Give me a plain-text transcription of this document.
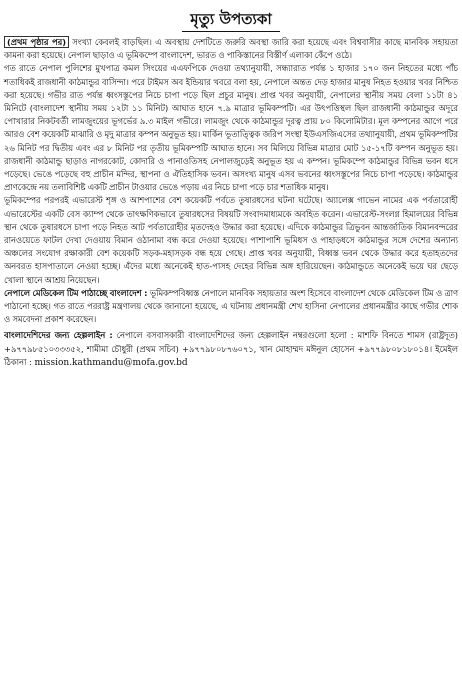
মৃত্যু উপত্যকা

(প্রথম পৃষ্ঠার পর) সংখ্যা কেবলই বাড়ছিল। এ অবস্থায় দেশটিতে জরুরি অবস্থা জারি করা হয়েছে এবং বিশ্ববাসীর কাছে মানবিক সহায়তা কামনা করা হয়েছে। নেপাল ছাড়াও এ ভূমিকম্পে বাংলাদেশ, ভারত ও পাকিস্তানের বিস্তীর্ণ এলাকা কেঁপে ওঠে।

গত রাতে নেপাল পুলিশের মুখপাত্র কমল সিংয়ের এএফপিকে দেওয়া তথ্যানুযায়ী, সন্ধ্যারাত পর্যন্ত ১ হাজার ১৭০ জন নিহতের মধ্যে পাঁচ শতাধিকই রাজধানী কাঠমান্ডুর বাসিন্দা। পরে টাইমস অব ইন্ডিয়ার খবরে বলা হয়, নেপালে অন্তত দেড় হাজার মানুষ নিহত হওয়ার খবর নিশ্চিত করা হয়েছে। গভীর রাত পর্যন্ত ধ্বংসস্তূপের নিচে চাপা পড়ে ছিল প্রচুর মানুষ। প্রাপ্ত খবর অনুযায়ী, নেপালের স্থানীয় সময় বেলা ১১টা ৪১ মিনিটে (বাংলাদেশ স্থানীয় সময় ১২টা ১১ মিনিট) আঘাত হানে ৭.৯ মাত্রার ভূমিকম্পটি। এর উৎপত্তিস্থল ছিল রাজধানী কাঠমান্ডুর অদূরে পোখারার নিকটবর্তী লামজুংয়ের ভূগর্ভের ৯.৩ মাইল গভীরে। লামজুং থেকে কাঠমান্ডুর দূরত্ব প্রায় ৮০ কিলোমিটার। মূল কম্পনের আগে পরে আরও বেশ কয়েকটি মাঝারি ও মৃদু মাত্রার কম্পন অনুভূত হয়। মার্কিন ভূতাত্ত্বিক জরিপ সংস্থা ইউএসজিএসের তথ্যানুযায়ী, প্রথম ভূমিকম্পটির ২৬ মিনিট পর দ্বিতীয় এবং এর ৮ মিনিট পর তৃতীয় ভূমিকম্পটি আঘাত হানে। সব মিলিয়ে বিভিন্ন মাত্রার মোট ১৫-১৭টি কম্পন অনুভূত হয়। রাজধানী কাঠমান্ডু ছাড়াও নাগরকোট, কোদারি ও পানাওতিসহ নেপালজুড়েই অনুভূত হয় এ কম্পন। ভূমিকম্পে কাঠমান্ডুর বিভিন্ন ভবন ধসে পড়েছে। ভেঙে পড়েছে বহু প্রাচীন মন্দির, স্থাপনা ও ঐতিহাসিক ভবন। অসংখ্য মানুষ এসব ভবনের ধ্বংসস্তূপের নিচে চাপা পড়েছে। কাঠমান্ডুর প্রাণকেন্দ্রে নয় তলাবিশিষ্ট একটি প্রাচীন টাওয়ার ভেঙে পড়ায় এর নিচে চাপা পড়ে চার শতাধিক মানুষ।

ভূমিকম্পের পরপরই এভারেস্ট শৃঙ্গ ও আশপাশের বেশ কয়েকটি পর্বতে তুষারধসের ঘটনা ঘটেছে। অ্যালেক্স গাভেন নামের এক পর্বতারোহী এভারেস্টের একটি বেস ক্যাম্প থেকে তাৎক্ষণিকভাবে তুষারধসের বিষয়টি সংবাদমাধ্যমকে অবহিত করেন। এভারেস্ট-সংলগ্ন হিমালয়ের বিভিন্ন স্থান থেকে তুষারধসে চাপা পড়ে নিহত আট পর্বতারোহীর মৃতদেহও উদ্ধার করা হয়েছে। এদিকে কাঠমান্ডুর ত্রিভুবন আন্তর্জাতিক বিমানবন্দরের রানওয়েতে ফাটল দেখা দেওয়ায় বিমান ওঠানামা বন্ধ করে দেওয়া হয়েছে। পাশাপাশি ভূমিধস ও পাহাড়ধসে কাঠমান্ডুর সঙ্গে দেশের অন্যান্য অঞ্চলের সংযোগ রক্ষাকারী বেশ কয়েকটি সড়ক-মহাসড়ক বন্ধ হয়ে গেছে। প্রাপ্ত খবর অনুযায়ী, বিধ্বস্ত ভবন থেকে উদ্ধার করে হতাহতদের অনবরত হাসপাতালে নেওয়া হচ্ছে। এঁদের মধ্যে অনেকেই হাত-পাসহ দেহের বিভিন্ন অঙ্গ হারিয়েছেন। কাঠমান্ডুতে অনেকেই ভয়ে ঘর ছেড়ে খোলা স্থানে আশ্রয় নিয়েছেন।

নেপালে মেডিকেল টিম পাঠাচ্ছে বাংলাদেশ : ভূমিকম্পবিধ্বস্ত নেপালে মানবিক সহায়তার অংশ হিসেবে বাংলাদেশ থেকে মেডিকেল টিম ও ত্রাণ পাঠানো হচ্ছে। গত রাতে পররাষ্ট্র মন্ত্রণালয় থেকে জানানো হয়েছে, এ ঘটনায় প্রধানমন্ত্রী শেখ হাসিনা নেপালের প্রধানমন্ত্রীর কাছে গভীর শোক ও সমবেদনা প্রকাশ করেছেন।

বাংলাদেশিদের জন্য হেল্পলাইন : নেপালে বসবাসকারী বাংলাদেশিদের জন্য হেল্পলাইন নম্বরগুলো হলো : মাশফি বিনতে শামস (রাষ্ট্রদূত) +৯৭৭৯৮৫১০৩৩৩৫২, শামীমা চৌধুরী (প্রথম সচিব) +৯৭৭৯৮০৮৭৬০৭১, খান মোহাম্মদ মঈনুল হোসেন +৯৭৭৯৮০৮১৮০১৪। ইমেইল ঠিকানা : mission.kathmandu@mofa.gov.bd
